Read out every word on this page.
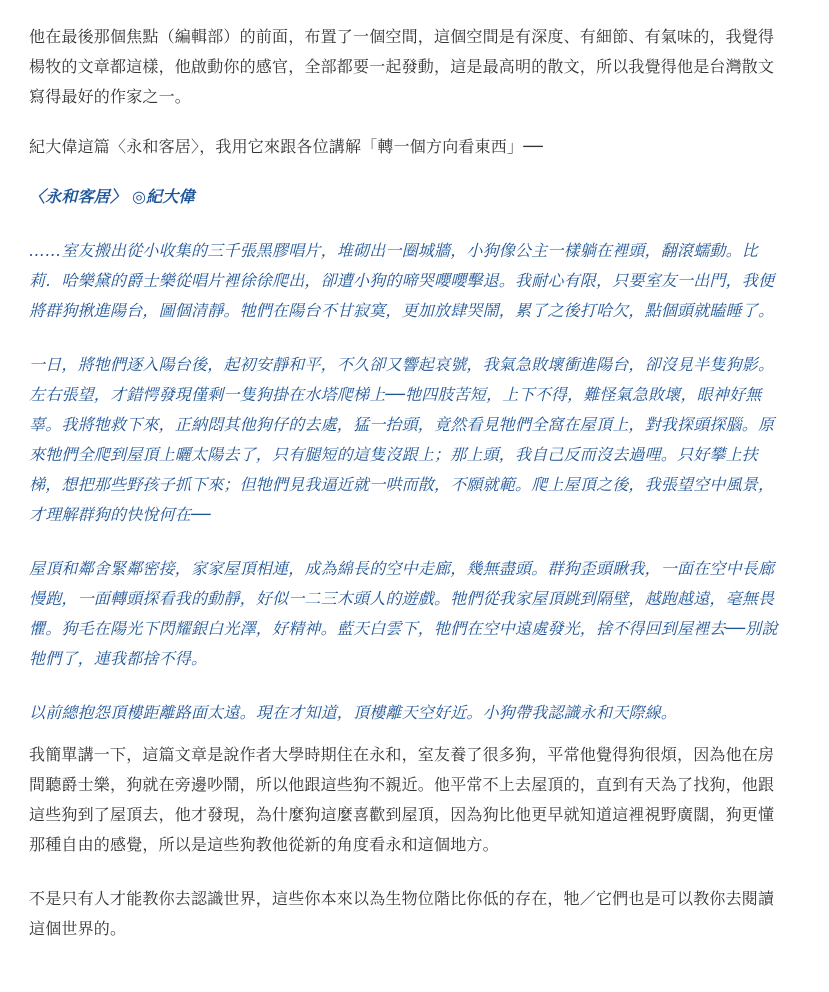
他在最後那個焦點（編輯部）的前面，布置了一個空間，這個空間是有深度、有細節、有氣味的，我覺得楊牧的文章都這樣，他啟動你的感官，全部都要一起發動，這是最高明的散文，所以我覺得他是台灣散文寫得最好的作家之一。

紀大偉這篇〈永和客居〉，我用它來跟各位講解「轉一個方向看東西」──

〈永和客居〉 ◎紀大偉

……室友搬出從小收集的三千張黑膠唱片，堆砌出一圈城牆，小狗像公主一樣躺在裡頭，翻滾蠕動。比莉．哈樂黛的爵士樂從唱片裡徐徐爬出，卻遭小狗的啼哭嚶嚶擊退。我耐心有限，只要室友一出門，我便將群狗揪進陽台，圖個清靜。牠們在陽台不甘寂寞，更加放肆哭鬧，累了之後打哈欠，點個頭就瞌睡了。

一日，將牠們逐入陽台後，起初安靜和平，不久卻又響起哀號，我氣急敗壞衝進陽台，卻沒見半隻狗影。左右張望，才錯愕發現僅剩一隻狗掛在水塔爬梯上──牠四肢苦短，上下不得，難怪氣急敗壞，眼神好無辜。我將牠救下來，正納悶其他狗仔的去處，猛一抬頭，竟然看見牠們全窩在屋頂上，對我探頭探腦。原來牠們全爬到屋頂上曬太陽去了，只有腿短的這隻沒跟上；那上頭，我自己反而沒去過哩。只好攀上扶梯，想把那些野孩子抓下來；但牠們見我逼近就一哄而散，不願就範。爬上屋頂之後，我張望空中風景，才理解群狗的快悅何在──

屋頂和鄰舍緊鄰密接，家家屋頂相連，成為綿長的空中走廊，幾無盡頭。群狗歪頭瞅我，一面在空中長廊慢跑，一面轉頭探看我的動靜，好似一二三木頭人的遊戲。牠們從我家屋頂跳到隔壁，越跑越遠，毫無畏懼。狗毛在陽光下閃耀銀白光澤，好精神。藍天白雲下，牠們在空中遠處發光，捨不得回到屋裡去──別說牠們了，連我都捨不得。

以前總抱怨頂樓距離路面太遠。現在才知道，頂樓離天空好近。小狗帶我認識永和天際線。

我簡單講一下，這篇文章是說作者大學時期住在永和，室友養了很多狗，平常他覺得狗很煩，因為他在房間聽爵士樂，狗就在旁邊吵鬧，所以他跟這些狗不親近。他平常不上去屋頂的，直到有天為了找狗，他跟這些狗到了屋頂去，他才發現，為什麼狗這麼喜歡到屋頂，因為狗比他更早就知道這裡視野廣闊，狗更懂那種自由的感覺，所以是這些狗教他從新的角度看永和這個地方。

不是只有人才能教你去認識世界，這些你本來以為生物位階比你低的存在，牠／它們也是可以教你去閱讀這個世界的。
